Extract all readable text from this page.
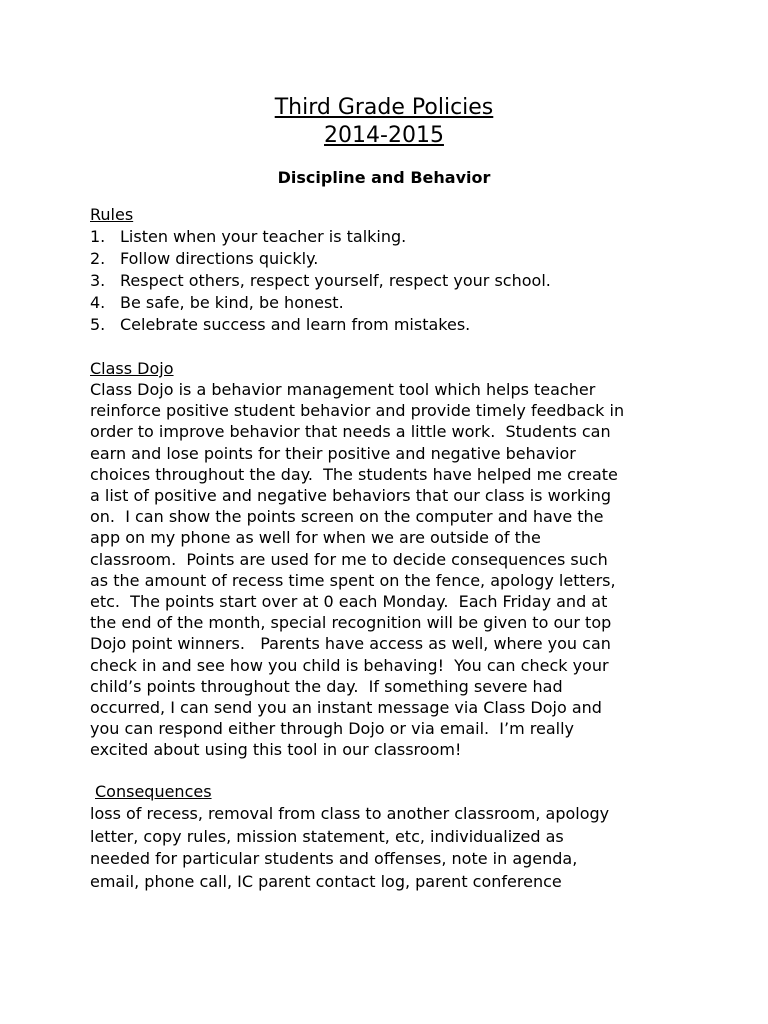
Third Grade Policies
2014-2015
Discipline and Behavior
Rules
1. Listen when your teacher is talking.
2. Follow directions quickly.
3. Respect others, respect yourself, respect your school.
4. Be safe, be kind, be honest.
5. Celebrate success and learn from mistakes.
Class Dojo
Class Dojo is a behavior management tool which helps teacher
reinforce positive student behavior and provide timely feedback in
order to improve behavior that needs a little work.  Students can
earn and lose points for their positive and negative behavior
choices throughout the day.  The students have helped me create
a list of positive and negative behaviors that our class is working
on.  I can show the points screen on the computer and have the
app on my phone as well for when we are outside of the
classroom.  Points are used for me to decide consequences such
as the amount of recess time spent on the fence, apology letters,
etc.  The points start over at 0 each Monday.  Each Friday and at
the end of the month, special recognition will be given to our top
Dojo point winners.   Parents have access as well, where you can
check in and see how you child is behaving!  You can check your
child’s points throughout the day.  If something severe had
occurred, I can send you an instant message via Class Dojo and
you can respond either through Dojo or via email.  I’m really
excited about using this tool in our classroom!
Consequences
loss of recess, removal from class to another classroom, apology
letter, copy rules, mission statement, etc, individualized as
needed for particular students and offenses, note in agenda,
email, phone call, IC parent contact log, parent conference
